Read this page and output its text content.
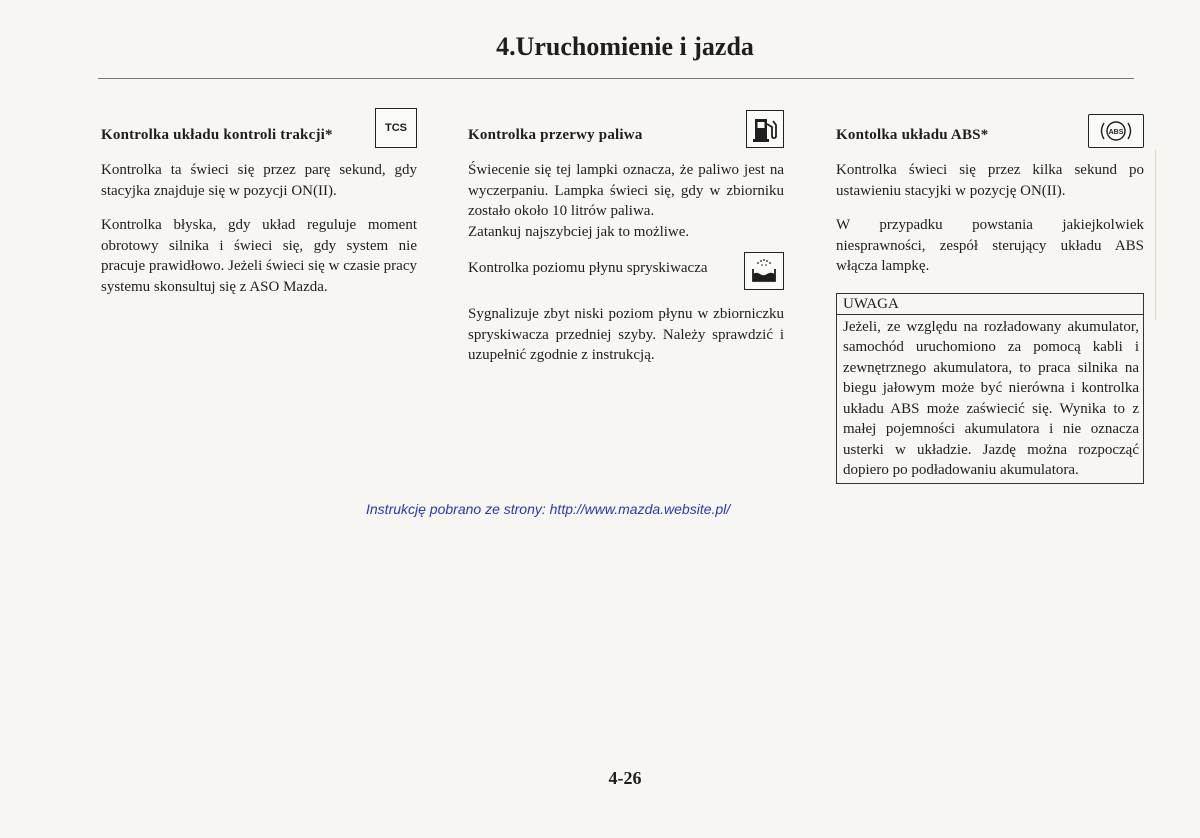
4.Uruchomienie i jazda
Kontrolka układu kontroli trakcji*	TCS

Kontrolka ta świeci się przez parę sekund, gdy stacyjka znajduje się w pozycji ON(II).

Kontrolka błyska, gdy układ reguluje moment obrotowy silnika i świeci się, gdy system nie pracuje prawidłowo. Jeżeli świeci się w czasie pracy systemu skonsultuj się z ASO Mazda.

Kontrolka przerwy paliwa

Świecenie się tej lampki oznacza, że paliwo jest na wyczerpaniu. Lampka świeci się, gdy w zbiorniku zostało około 10 litrów paliwa.

Zatankuj najszybciej jak to możliwe.

Kontrolka poziomu płynu spryskiwacza

Sygnalizuje zbyt niski poziom płynu w zbiorniczku spryskiwacza przedniej szyby. Należy sprawdzić i uzupełnić zgodnie z instrukcją.

Kontolka układu ABS*	ABS

Kontrolka świeci się przez kilka sekund po ustawieniu stacyjki w pozycję ON(II).

W przypadku powstania jakiejkolwiek niesprawności, zespół sterujący układu ABS włącza lampkę.

UWAGA

Jeżeli, ze względu na rozładowany akumulator, samochód uruchomiono za pomocą kabli i zewnętrznego akumulatora, to praca silnika na biegu jałowym może być nierówna i kontrolka układu ABS może zaświecić się. Wynika to z małej pojemności akumulatora i nie oznacza usterki w układzie. Jazdę można rozpocząć dopiero po podładowaniu akumulatora.

Instrukcję pobrano ze strony: http://www.mazda.website.pl/
4-26
